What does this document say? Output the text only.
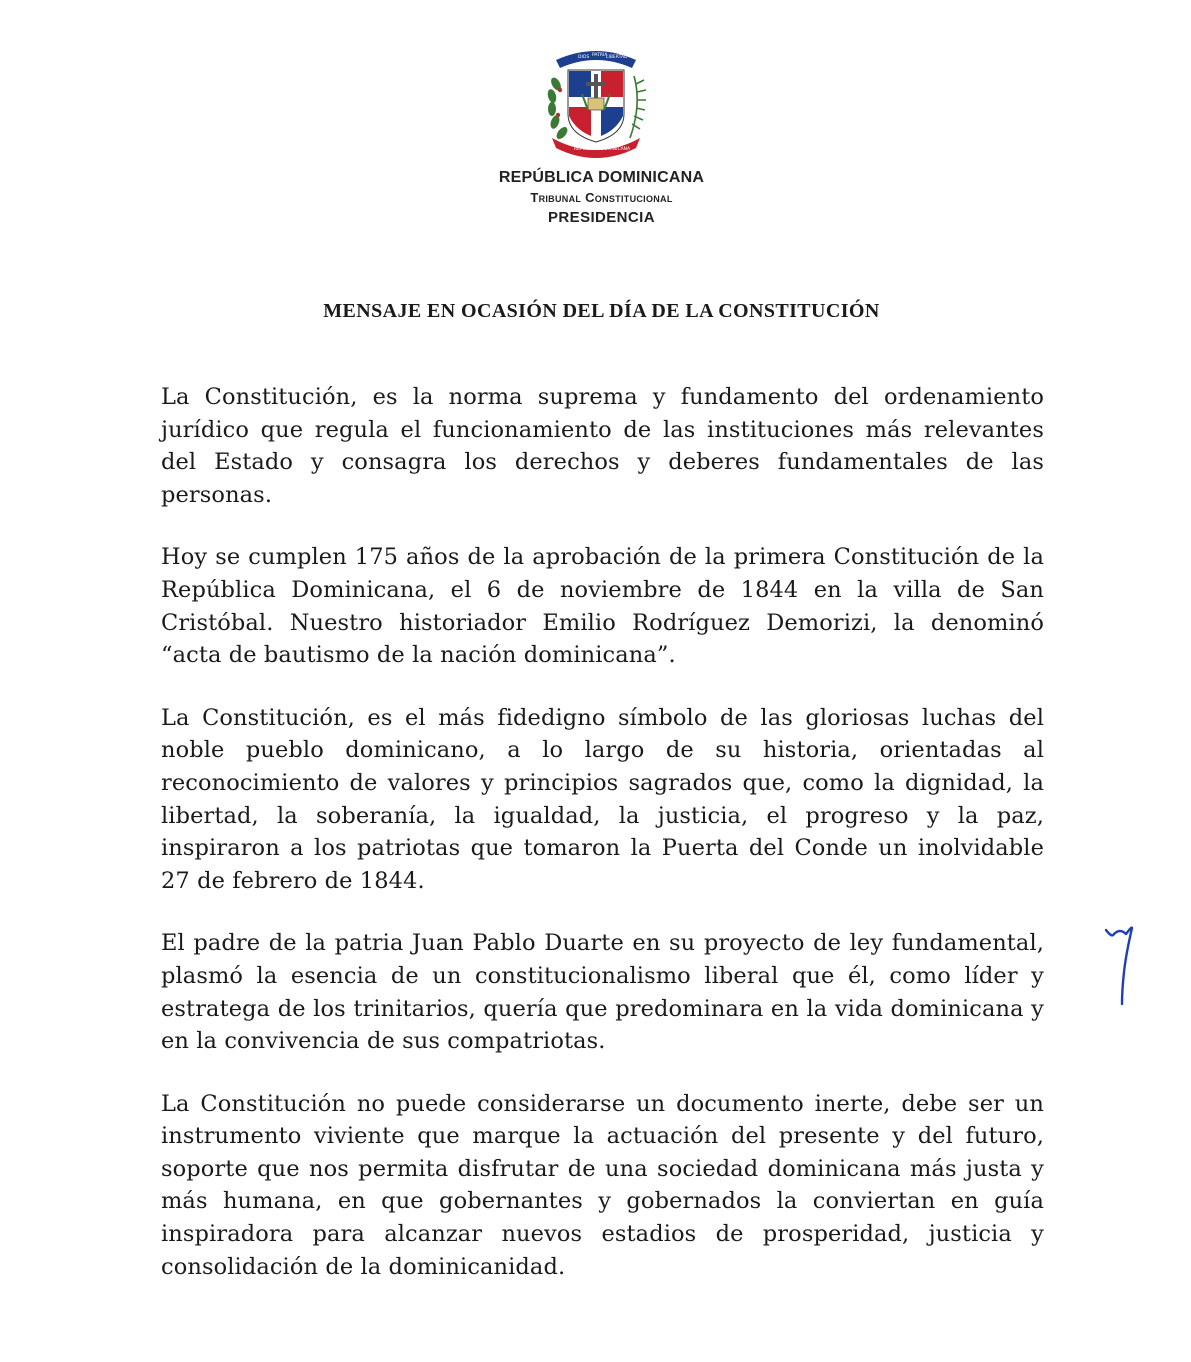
DIOS PATRIA
LIBERTAD
REPÚBLICA DOMINICANA
REPÚBLICA DOMINICANA
Tribunal Constitucional
PRESIDENCIA
MENSAJE EN OCASIÓN DEL DÍA DE LA CONSTITUCIÓN

La Constitución, es la norma suprema y fundamento del ordenamiento jurídico que regula el funcionamiento de las instituciones más relevantes del Estado y consagra los derechos y deberes fundamentales de las personas.

Hoy se cumplen 175 años de la aprobación de la primera Constitución de la República Dominicana, el 6 de noviembre de 1844 en la villa de San Cristóbal. Nuestro historiador Emilio Rodríguez Demorizi, la denominó “acta de bautismo de la nación dominicana”.

La Constitución, es el más fidedigno símbolo de las gloriosas luchas del noble pueblo dominicano, a lo largo de su historia, orientadas al reconocimiento de valores y principios sagrados que, como la dignidad, la libertad, la soberanía, la igualdad, la justicia, el progreso y la paz, inspiraron a los patriotas que tomaron la Puerta del Conde un inolvidable 27 de febrero de 1844.

El padre de la patria Juan Pablo Duarte en su proyecto de ley fundamental, plasmó la esencia de un constitucionalismo liberal que él, como líder y estratega de los trinitarios, quería que predominara en la vida dominicana y en la convivencia de sus compatriotas.

La Constitución no puede considerarse un documento inerte, debe ser un instrumento viviente que marque la actuación del presente y del futuro, soporte que nos permita disfrutar de una sociedad dominicana más justa y más humana, en que gobernantes y gobernados la conviertan en guía inspiradora para alcanzar nuevos estadios de prosperidad, justicia y consolidación de la dominicanidad.
